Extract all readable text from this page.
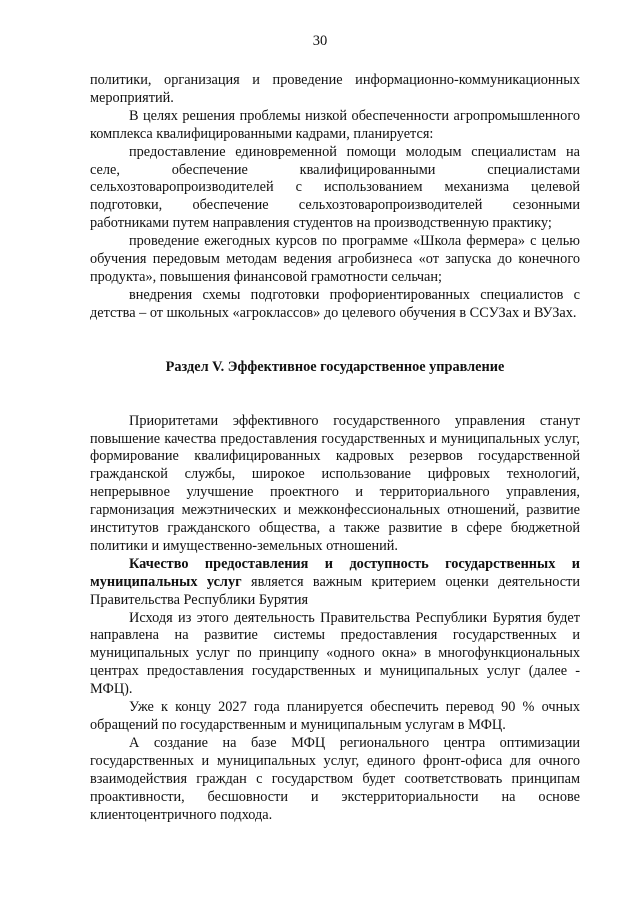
30

политики, организация и проведение информационно-коммуникационных мероприятий.

В целях решения проблемы низкой обеспеченности агропромышленного комплекса квалифицированными кадрами, планируется:

предоставление единовременной помощи молодым специалистам на селе, обеспечение квалифицированными специалистами сельхозтоваропроизводителей с использованием механизма целевой подготовки, обеспечение сельхозтоваропроизводителей сезонными работниками путем направления студентов на производственную практику;

проведение ежегодных курсов по программе «Школа фермера» с целью обучения передовым методам ведения агробизнеса «от запуска до конечного продукта», повышения финансовой грамотности сельчан;

внедрения схемы подготовки профориентированных специалистов с детства – от школьных «агроклассов» до целевого обучения в ССУЗах и ВУЗах.

Раздел V. Эффективное государственное управление

Приоритетами эффективного государственного управления станут повышение качества предоставления государственных и муниципальных услуг, формирование квалифицированных кадровых резервов государственной гражданской службы, широкое использование цифровых технологий, непрерывное улучшение проектного и территориального управления, гармонизация межэтнических и межконфессиональных отношений, развитие институтов гражданского общества, а также развитие в сфере бюджетной политики и имущественно-земельных отношений.

Качество предоставления и доступность государственных и муниципальных услуг является важным критерием оценки деятельности Правительства Республики Бурятия

Исходя из этого деятельность Правительства Республики Бурятия будет направлена на развитие системы предоставления государственных и муниципальных услуг по принципу «одного окна» в многофункциональных центрах предоставления государственных и муниципальных услуг (далее - МФЦ).

Уже к концу 2027 года планируется обеспечить перевод 90 % очных обращений по государственным и муниципальным услугам в МФЦ.

А создание на базе МФЦ регионального центра оптимизации государственных и муниципальных услуг, единого фронт-офиса для очного взаимодействия граждан с государством будет соответствовать принципам проактивности, бесшовности и экстерриториальности на основе клиентоцентричного подхода.
